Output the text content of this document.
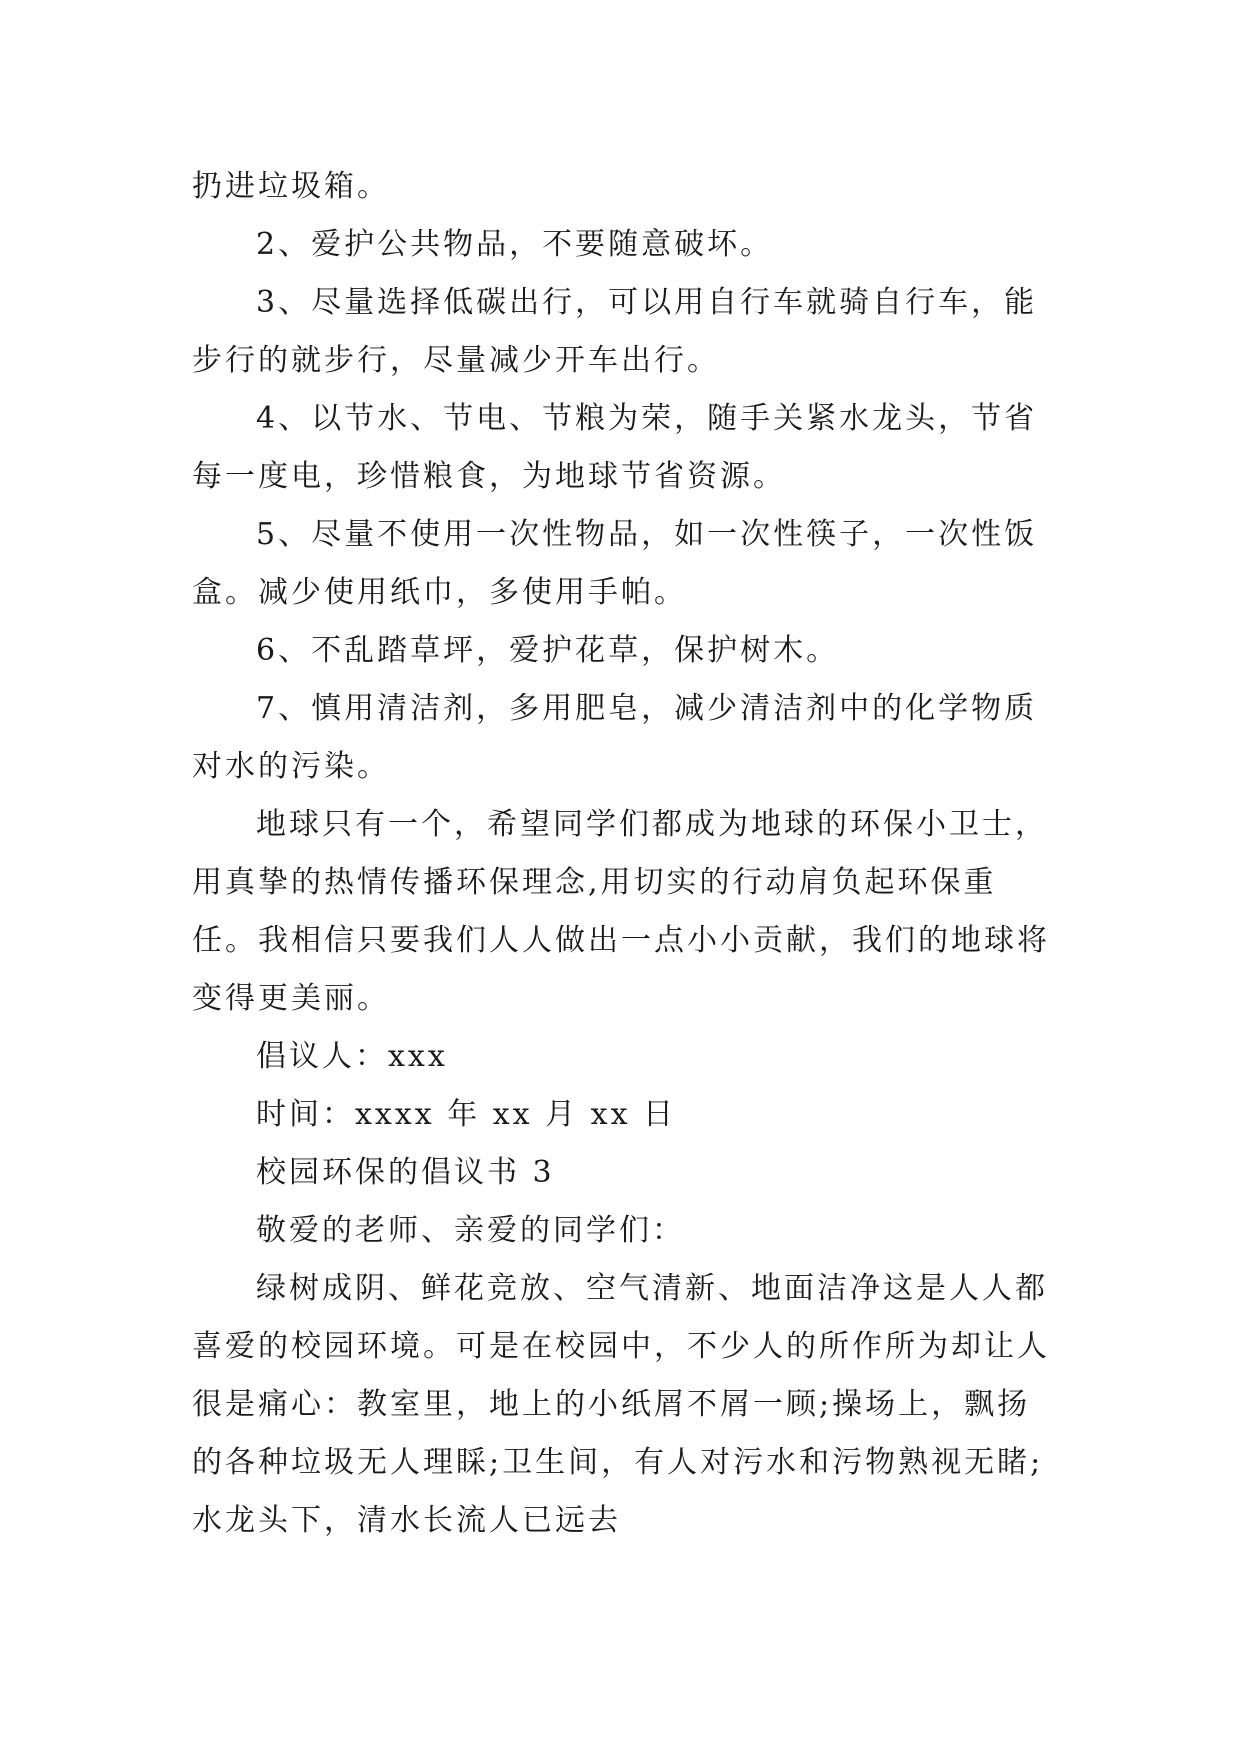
扔进垃圾箱。

2、爱护公共物品，不要随意破坏。

3、尽量选择低碳出行，可以用自行车就骑自行车，能步行的就步行，尽量减少开车出行。

4、以节水、节电、节粮为荣，随手关紧水龙头，节省每一度电，珍惜粮食，为地球节省资源。

5、尽量不使用一次性物品，如一次性筷子，一次性饭盒。减少使用纸巾，多使用手帕。

6、不乱踏草坪，爱护花草，保护树木。

7、慎用清洁剂，多用肥皂，减少清洁剂中的化学物质对水的污染。

地球只有一个，希望同学们都成为地球的环保小卫士，用真挚的热情传播环保理念,用切实的行动肩负起环保重任。我相信只要我们人人做出一点小小贡献，我们的地球将变得更美丽。

倡议人：xxx

时间：xxxx 年 xx 月 xx 日

校园环保的倡议书 3

敬爱的老师、亲爱的同学们：

绿树成阴、鲜花竞放、空气清新、地面洁净这是人人都喜爱的校园环境。可是在校园中，不少人的所作所为却让人很是痛心：教室里，地上的小纸屑不屑一顾;操场上，飘扬的各种垃圾无人理睬;卫生间，有人对污水和污物熟视无睹;水龙头下，清水长流人已远去
